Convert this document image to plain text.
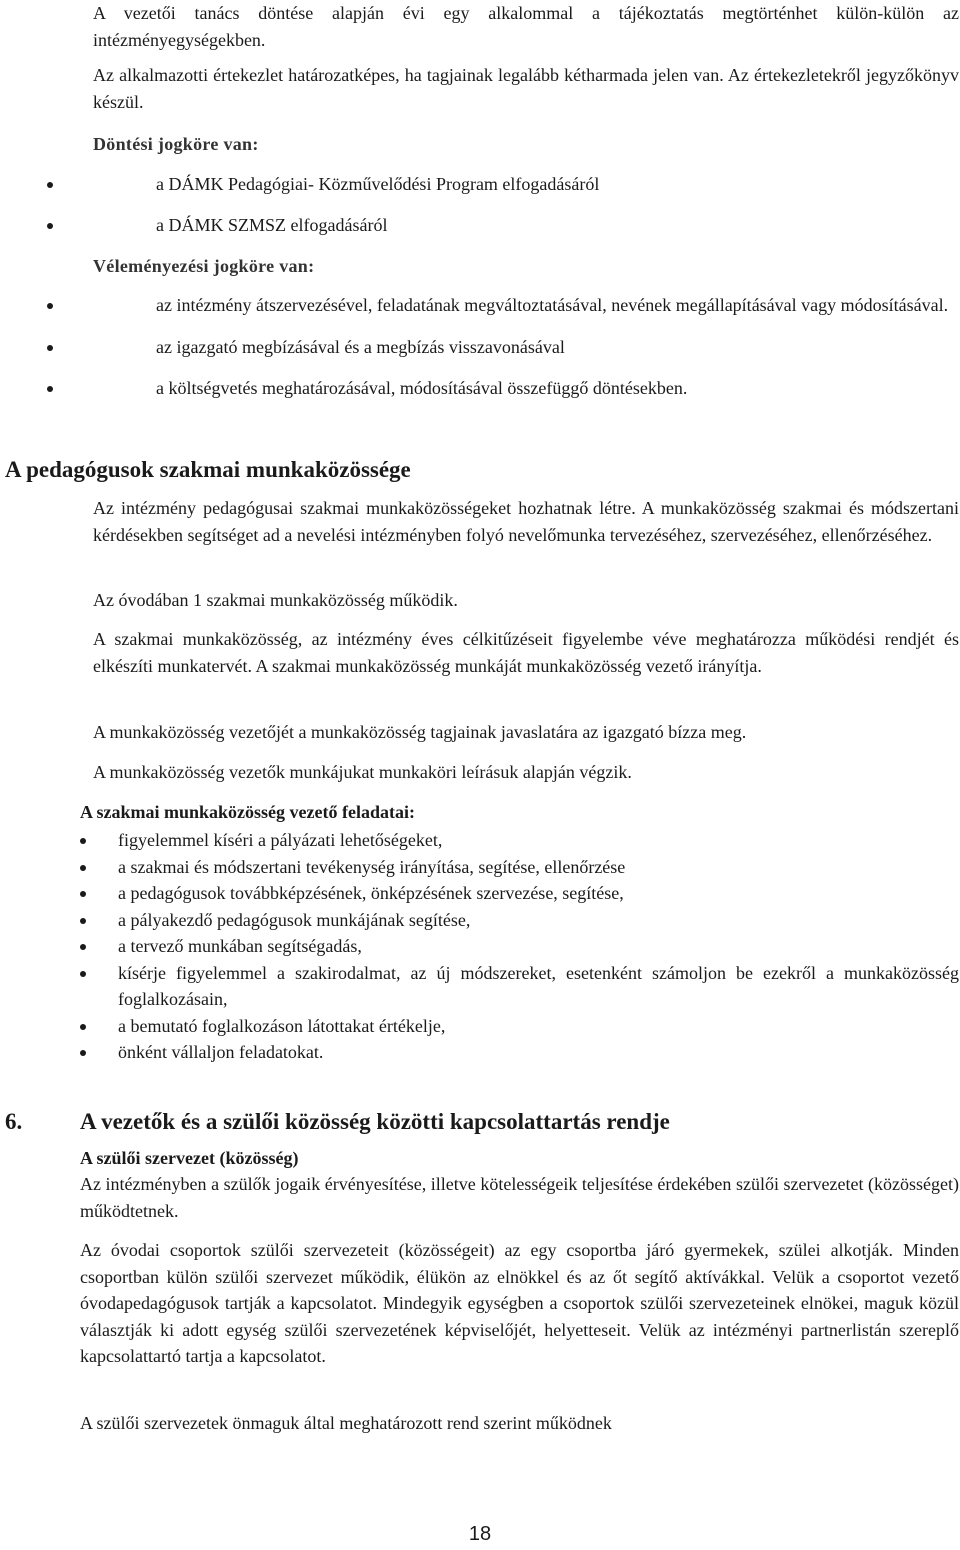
A vezetői tanács döntése alapján évi egy alkalommal a tájékoztatás megtörténhet külön-külön az intézményegységekben.

Az alkalmazotti értekezlet határozatképes, ha tagjainak legalább kétharmada jelen van. Az értekezletekről jegyzőkönyv készül.

Döntési jogköre van:
a DÁMK Pedagógiai- Közművelődési Program elfogadásáról
a DÁMK SZMSZ elfogadásáról
Véleményezési jogköre van:
az intézmény átszervezésével, feladatának megváltoztatásával, nevének megállapításával vagy módosításával.
az igazgató megbízásával és a megbízás visszavonásával
a költségvetés meghatározásával, módosításával összefüggő döntésekben.
A pedagógusok szakmai munkaközössége

Az intézmény pedagógusai szakmai munkaközösségeket hozhatnak létre. A munkaközösség szakmai és módszertani kérdésekben segítséget ad a nevelési intézményben folyó nevelőmunka tervezéséhez, szervezéséhez, ellenőrzéséhez.

Az óvodában 1 szakmai munkaközösség működik.

A szakmai munkaközösség, az intézmény éves célkitűzéseit figyelembe véve meghatározza működési rendjét és elkészíti munkatervét. A szakmai munkaközösség munkáját munkaközösség vezető irányítja.

A munkaközösség vezetőjét a munkaközösség tagjainak javaslatára az igazgató bízza meg.

A munkaközösség vezetők munkájukat munkaköri leírásuk alapján végzik.

A szakmai munkaközösség vezető feladatai:
figyelemmel kíséri a pályázati lehetőségeket,
a szakmai és módszertani tevékenység irányítása, segítése, ellenőrzése
a pedagógusok továbbképzésének, önképzésének szervezése, segítése,
a pályakezdő pedagógusok munkájának segítése,
a tervező munkában segítségadás,
kísérje figyelemmel a szakirodalmat, az új módszereket, esetenként számoljon be ezekről a munkaközösség foglalkozásain,
a bemutató foglalkozáson látottakat értékelje,
önként vállaljon feladatokat.
6.	A vezetők és a szülői közösség közötti kapcsolattartás rendje
A szülői szervezet (közösség)

Az intézményben a szülők jogaik érvényesítése, illetve kötelességeik teljesítése érdekében szülői szervezetet (közösséget) működtetnek.

Az óvodai csoportok szülői szervezeteit (közösségeit) az egy csoportba járó gyermekek, szülei alkotják. Minden csoportban külön szülői szervezet működik, élükön az elnökkel és az őt segítő aktívákkal. Velük a csoportot vezető óvodapedagógusok tartják a kapcsolatot. Mindegyik egységben a csoportok szülői szervezeteinek elnökei, maguk közül választják ki adott egység szülői szervezetének képviselőjét, helyetteseit. Velük az intézményi partnerlistán szereplő kapcsolattartó tartja a kapcsolatot.

A szülői szervezetek önmaguk által meghatározott rend szerint működnek

18
